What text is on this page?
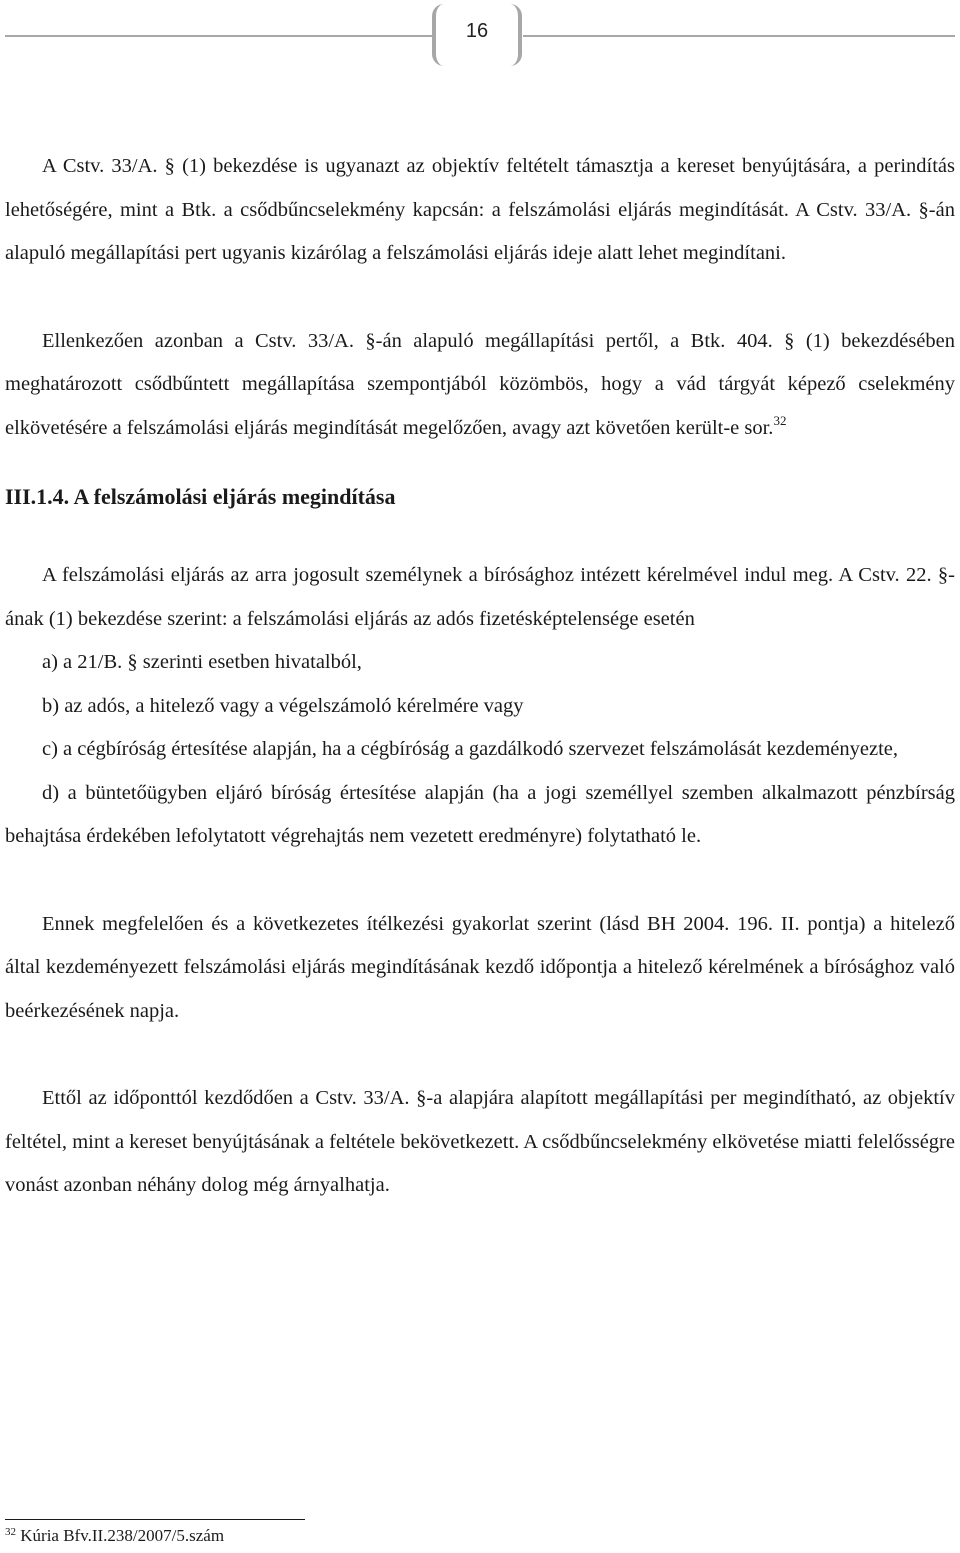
16

A Cstv. 33/A. § (1) bekezdése is ugyanazt az objektív feltételt támasztja a kereset benyújtására, a perindítás lehetőségére, mint a Btk. a csődbűncselekmény kapcsán: a felszámolási eljárás megindítását. A Cstv. 33/A. §-án alapuló megállapítási pert ugyanis kizárólag a felszámolási eljárás ideje alatt lehet megindítani.

Ellenkezően azonban a Cstv. 33/A. §-án alapuló megállapítási pertől, a Btk. 404. § (1) bekezdésében meghatározott csődbűntett megállapítása szempontjából közömbös, hogy a vád tárgyát képező cselekmény elkövetésére a felszámolási eljárás megindítását megelőzően, avagy azt követően került-e sor.$^{32}$

III.1.4. A felszámolási eljárás megindítása

A felszámolási eljárás az arra jogosult személynek a bírósághoz intézett kérelmével indul meg. A Cstv. 22. §-ának (1) bekezdése szerint: a felszámolási eljárás az adós fizetésképtelensége esetén

a) a 21/B. § szerinti esetben hivatalból,

b) az adós, a hitelező vagy a végelszámoló kérelmére vagy

c) a cégbíróság értesítése alapján, ha a cégbíróság a gazdálkodó szervezet felszámolását kezdeményezte,

d) a büntetőügyben eljáró bíróság értesítése alapján (ha a jogi személlyel szemben alkalmazott pénzbírság behajtása érdekében lefolytatott végrehajtás nem vezetett eredményre) folytatható le.

Ennek megfelelően és a következetes ítélkezési gyakorlat szerint (lásd BH 2004. 196. II. pontja) a hitelező által kezdeményezett felszámolási eljárás megindításának kezdő időpontja a hitelező kérelmének a bírósághoz való beérkezésének napja.

Ettől az időponttól kezdődően a Cstv. 33/A. §-a alapjára alapított megállapítási per megindítható, az objektív feltétel, mint a kereset benyújtásának a feltétele bekövetkezett. A csődbűncselekmény elkövetése miatti felelősségre vonást azonban néhány dolog még árnyalhatja.

$^{32}$ Kúria Bfv.II.238/2007/5.szám
